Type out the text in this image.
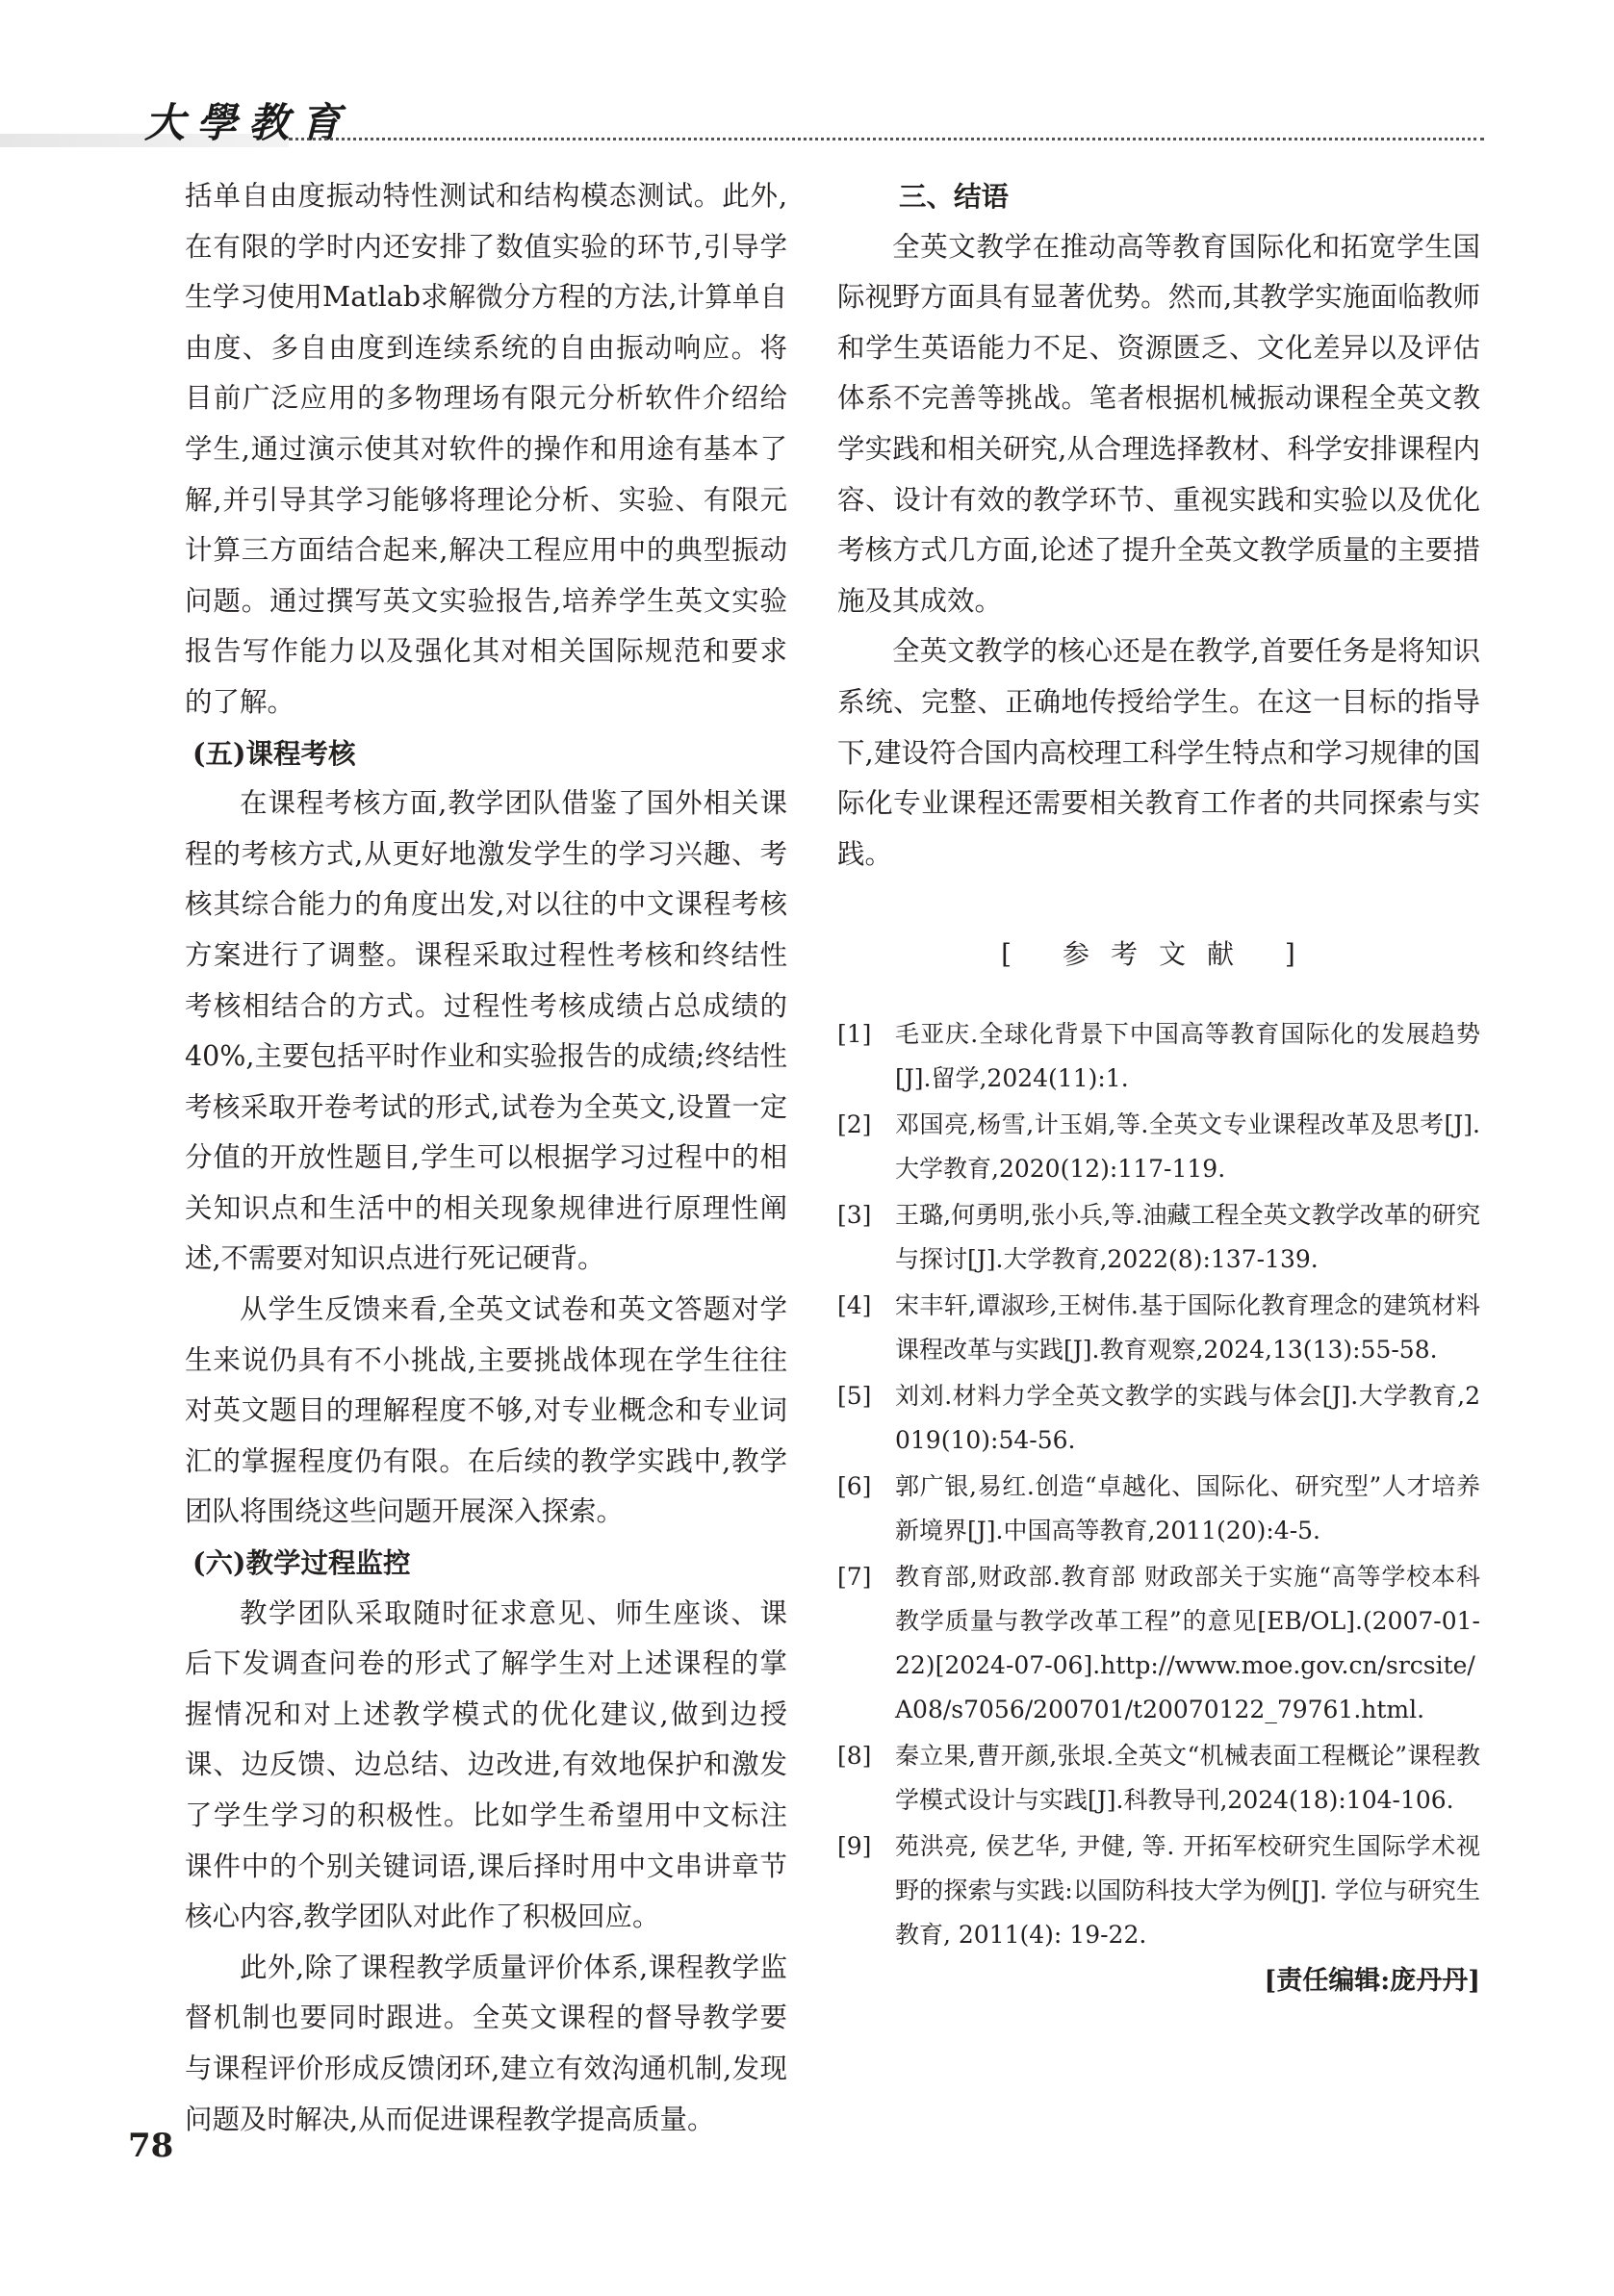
大學教育

括单自由度振动特性测试和结构模态测试。此外,在有限的学时内还安排了数值实验的环节,引导学生学习使用Matlab求解微分方程的方法,计算单自由度、多自由度到连续系统的自由振动响应。将目前广泛应用的多物理场有限元分析软件介绍给学生,通过演示使其对软件的操作和用途有基本了解,并引导其学习能够将理论分析、实验、有限元计算三方面结合起来,解决工程应用中的典型振动问题。通过撰写英文实验报告,培养学生英文实验报告写作能力以及强化其对相关国际规范和要求的了解。

(五)课程考核

在课程考核方面,教学团队借鉴了国外相关课程的考核方式,从更好地激发学生的学习兴趣、考核其综合能力的角度出发,对以往的中文课程考核方案进行了调整。课程采取过程性考核和终结性考核相结合的方式。过程性考核成绩占总成绩的40%,主要包括平时作业和实验报告的成绩;终结性考核采取开卷考试的形式,试卷为全英文,设置一定分值的开放性题目,学生可以根据学习过程中的相关知识点和生活中的相关现象规律进行原理性阐述,不需要对知识点进行死记硬背。

从学生反馈来看,全英文试卷和英文答题对学生来说仍具有不小挑战,主要挑战体现在学生往往对英文题目的理解程度不够,对专业概念和专业词汇的掌握程度仍有限。在后续的教学实践中,教学团队将围绕这些问题开展深入探索。

(六)教学过程监控

教学团队采取随时征求意见、师生座谈、课后下发调查问卷的形式了解学生对上述课程的掌握情况和对上述教学模式的优化建议,做到边授课、边反馈、边总结、边改进,有效地保护和激发了学生学习的积极性。比如学生希望用中文标注课件中的个别关键词语,课后择时用中文串讲章节核心内容,教学团队对此作了积极回应。

此外,除了课程教学质量评价体系,课程教学监督机制也要同时跟进。全英文课程的督导教学要与课程评价形成反馈闭环,建立有效沟通机制,发现问题及时解决,从而促进课程教学提高质量。

三、结语

全英文教学在推动高等教育国际化和拓宽学生国际视野方面具有显著优势。然而,其教学实施面临教师和学生英语能力不足、资源匮乏、文化差异以及评估体系不完善等挑战。笔者根据机械振动课程全英文教学实践和相关研究,从合理选择教材、科学安排课程内容、设计有效的教学环节、重视实践和实验以及优化考核方式几方面,论述了提升全英文教学质量的主要措施及其成效。

全英文教学的核心还是在教学,首要任务是将知识系统、完整、正确地传授给学生。在这一目标的指导下,建设符合国内高校理工科学生特点和学习规律的国际化专业课程还需要相关教育工作者的共同探索与实践。

[ 参考文献 ]
[1] 毛亚庆.全球化背景下中国高等教育国际化的发展趋势[J].留学,2024(11):1.
[2] 邓国亮,杨雪,计玉娟,等.全英文专业课程改革及思考[J].大学教育,2020(12):117-119.
[3] 王璐,何勇明,张小兵,等.油藏工程全英文教学改革的研究与探讨[J].大学教育,2022(8):137-139.
[4] 宋丰轩,谭淑珍,王树伟.基于国际化教育理念的建筑材料课程改革与实践[J].教育观察,2024,13(13):55-58.
[5] 刘刘.材料力学全英文教学的实践与体会[J].大学教育,2019(10):54-56.
[6] 郭广银,易红.创造“卓越化、国际化、研究型”人才培养新境界[J].中国高等教育,2011(20):4-5.
[7] 教育部,财政部.教育部 财政部关于实施“高等学校本科教学质量与教学改革工程”的意见[EB/OL].(2007-01-22)[2024-07-06].http://www.moe.gov.cn/srcsite/A08/s7056/200701/t20070122_79761.html.
[8] 秦立果,曹开颜,张垠.全英文“机械表面工程概论”课程教学模式设计与实践[J].科教导刊,2024(18):104-106.
[9] 苑洪亮, 侯艺华, 尹健, 等. 开拓军校研究生国际学术视野的探索与实践:以国防科技大学为例[J]. 学位与研究生教育, 2011(4): 19-22.
[责任编辑:庞丹丹]
78
